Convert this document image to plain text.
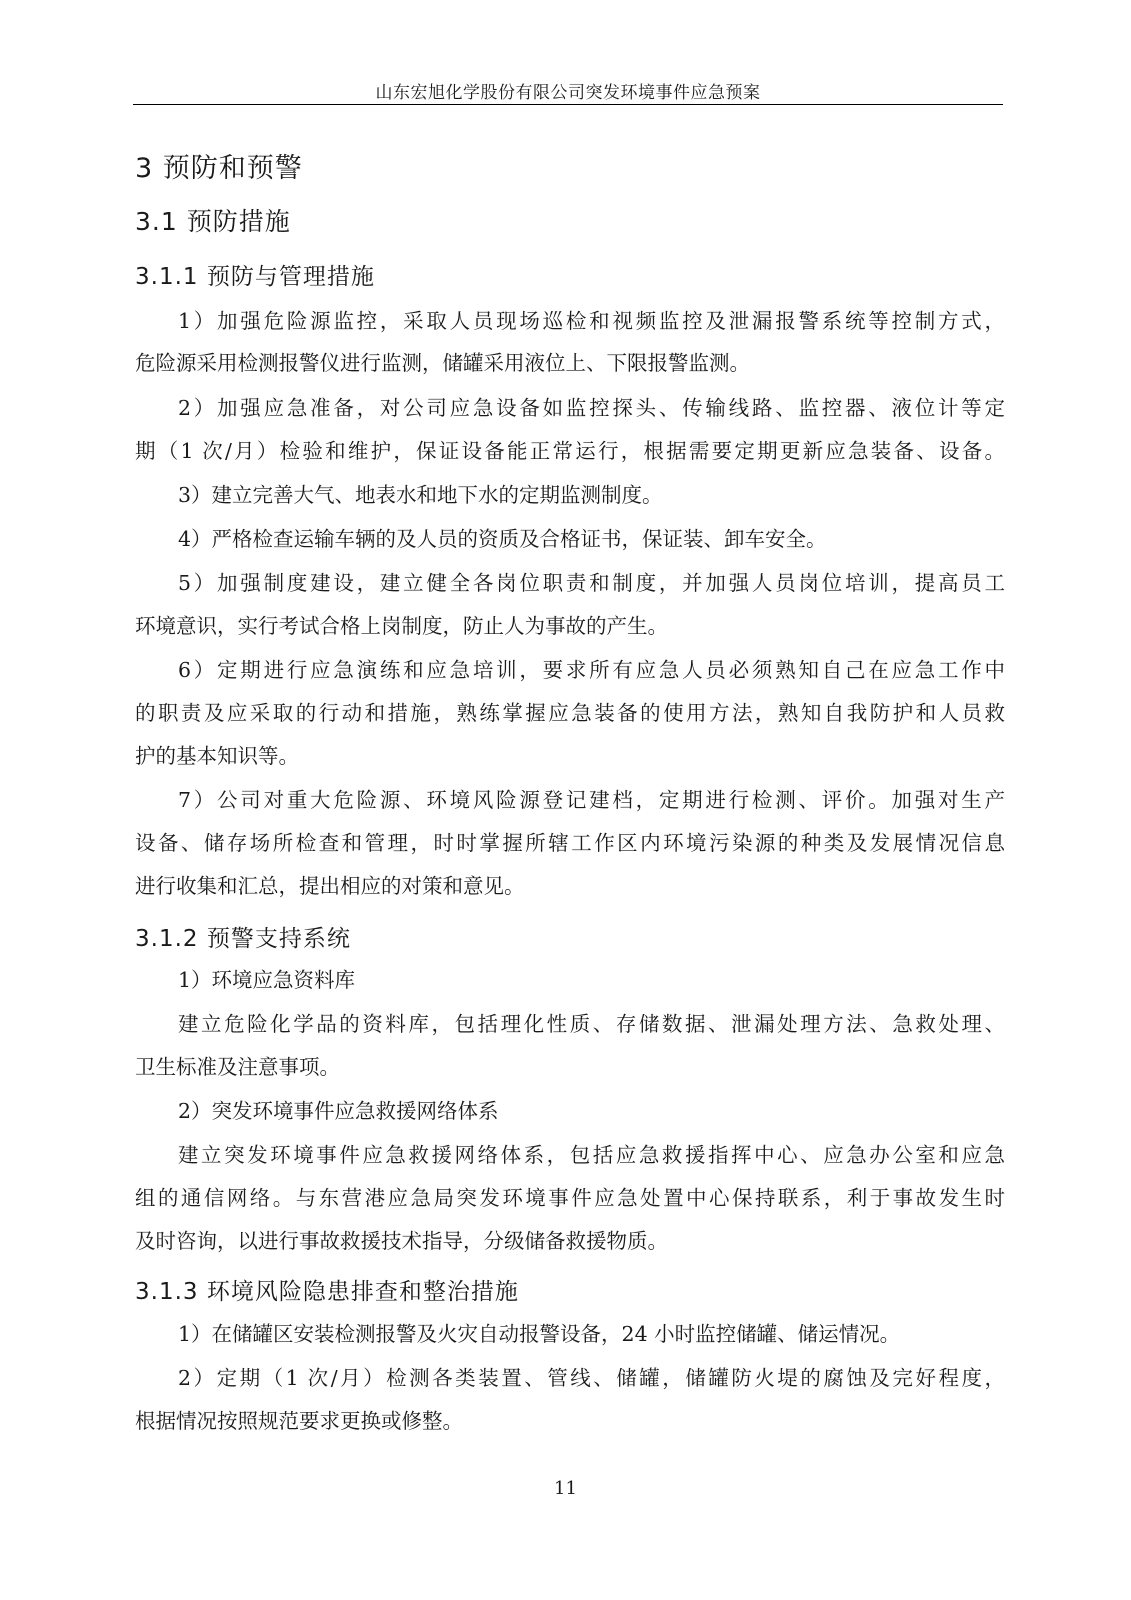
山东宏旭化学股份有限公司突发环境事件应急预案
3 预防和预警
3.1 预防措施
3.1.1 预防与管理措施
1）加强危险源监控，采取人员现场巡检和视频监控及泄漏报警系统等控制方式，
危险源采用检测报警仪进行监测，储罐采用液位上、下限报警监测。
2）加强应急准备，对公司应急设备如监控探头、传输线路、监控器、液位计等定
期（1 次/月）检验和维护，保证设备能正常运行，根据需要定期更新应急装备、设备。
3）建立完善大气、地表水和地下水的定期监测制度。
4）严格检查运输车辆的及人员的资质及合格证书，保证装、卸车安全。
5）加强制度建设，建立健全各岗位职责和制度，并加强人员岗位培训，提高员工
环境意识，实行考试合格上岗制度，防止人为事故的产生。
6）定期进行应急演练和应急培训，要求所有应急人员必须熟知自己在应急工作中
的职责及应采取的行动和措施，熟练掌握应急装备的使用方法，熟知自我防护和人员救
护的基本知识等。
7）公司对重大危险源、环境风险源登记建档，定期进行检测、评价。加强对生产
设备、储存场所检查和管理，时时掌握所辖工作区内环境污染源的种类及发展情况信息
进行收集和汇总，提出相应的对策和意见。
3.1.2 预警支持系统
1）环境应急资料库
建立危险化学品的资料库，包括理化性质、存储数据、泄漏处理方法、急救处理、
卫生标准及注意事项。
2）突发环境事件应急救援网络体系
建立突发环境事件应急救援网络体系，包括应急救援指挥中心、应急办公室和应急
组的通信网络。与东营港应急局突发环境事件应急处置中心保持联系，利于事故发生时
及时咨询，以进行事故救援技术指导，分级储备救援物质。
3.1.3 环境风险隐患排查和整治措施
1）在储罐区安装检测报警及火灾自动报警设备，24 小时监控储罐、储运情况。
2）定期（1 次/月）检测各类装置、管线、储罐，储罐防火堤的腐蚀及完好程度，
根据情况按照规范要求更换或修整。
11
